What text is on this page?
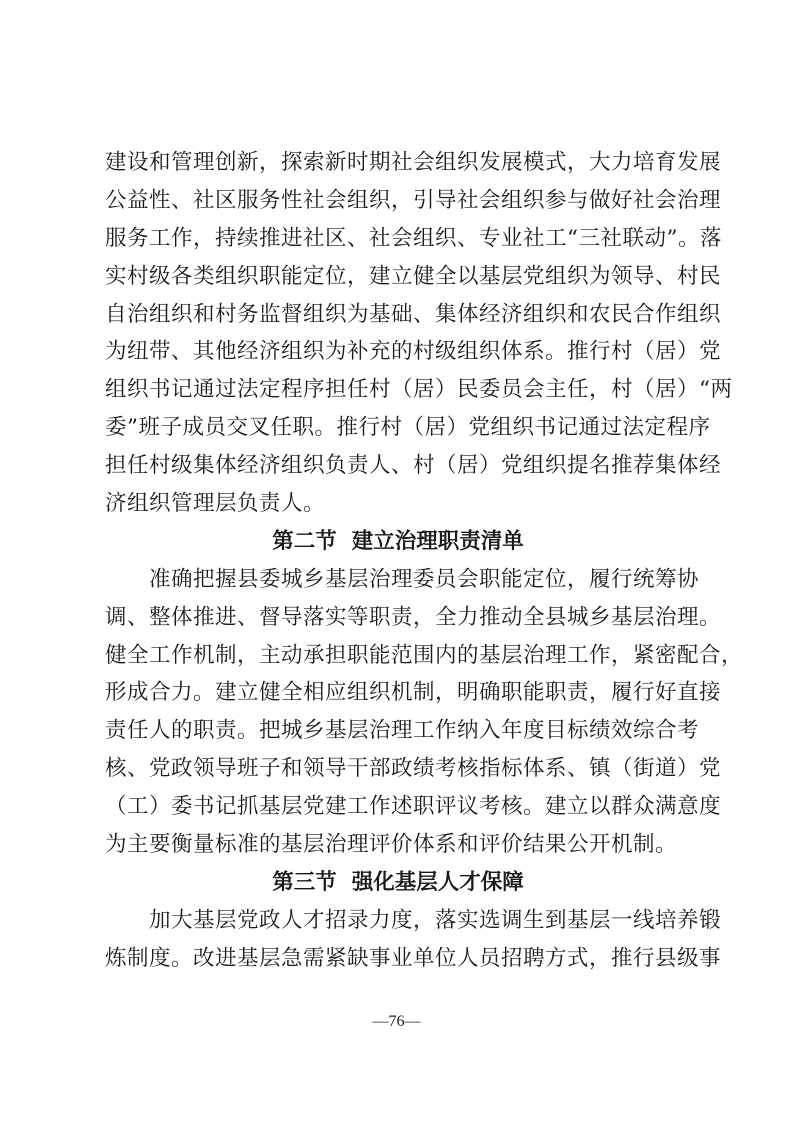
建设和管理创新，探索新时期社会组织发展模式，大力培育发展
公益性、社区服务性社会组织，引导社会组织参与做好社会治理
服务工作，持续推进社区、社会组织、专业社工“三社联动”。落
实村级各类组织职能定位，建立健全以基层党组织为领导、村民
自治组织和村务监督组织为基础、集体经济组织和农民合作组织
为纽带、其他经济组织为补充的村级组织体系。推行村（居）党
组织书记通过法定程序担任村（居）民委员会主任，村（居）“两
委”班子成员交叉任职。推行村（居）党组织书记通过法定程序
担任村级集体经济组织负责人、村（居）党组织提名推荐集体经
济组织管理层负责人。
第二节  建立治理职责清单
　　准确把握县委城乡基层治理委员会职能定位，履行统筹协
调、整体推进、督导落实等职责，全力推动全县城乡基层治理。
健全工作机制，主动承担职能范围内的基层治理工作，紧密配合，
形成合力。建立健全相应组织机制，明确职能职责，履行好直接
责任人的职责。把城乡基层治理工作纳入年度目标绩效综合考
核、党政领导班子和领导干部政绩考核指标体系、镇（街道）党
（工）委书记抓基层党建工作述职评议考核。建立以群众满意度
为主要衡量标准的基层治理评价体系和评价结果公开机制。
第三节  强化基层人才保障
　　加大基层党政人才招录力度，落实选调生到基层一线培养锻
炼制度。改进基层急需紧缺事业单位人员招聘方式，推行县级事
—76—
